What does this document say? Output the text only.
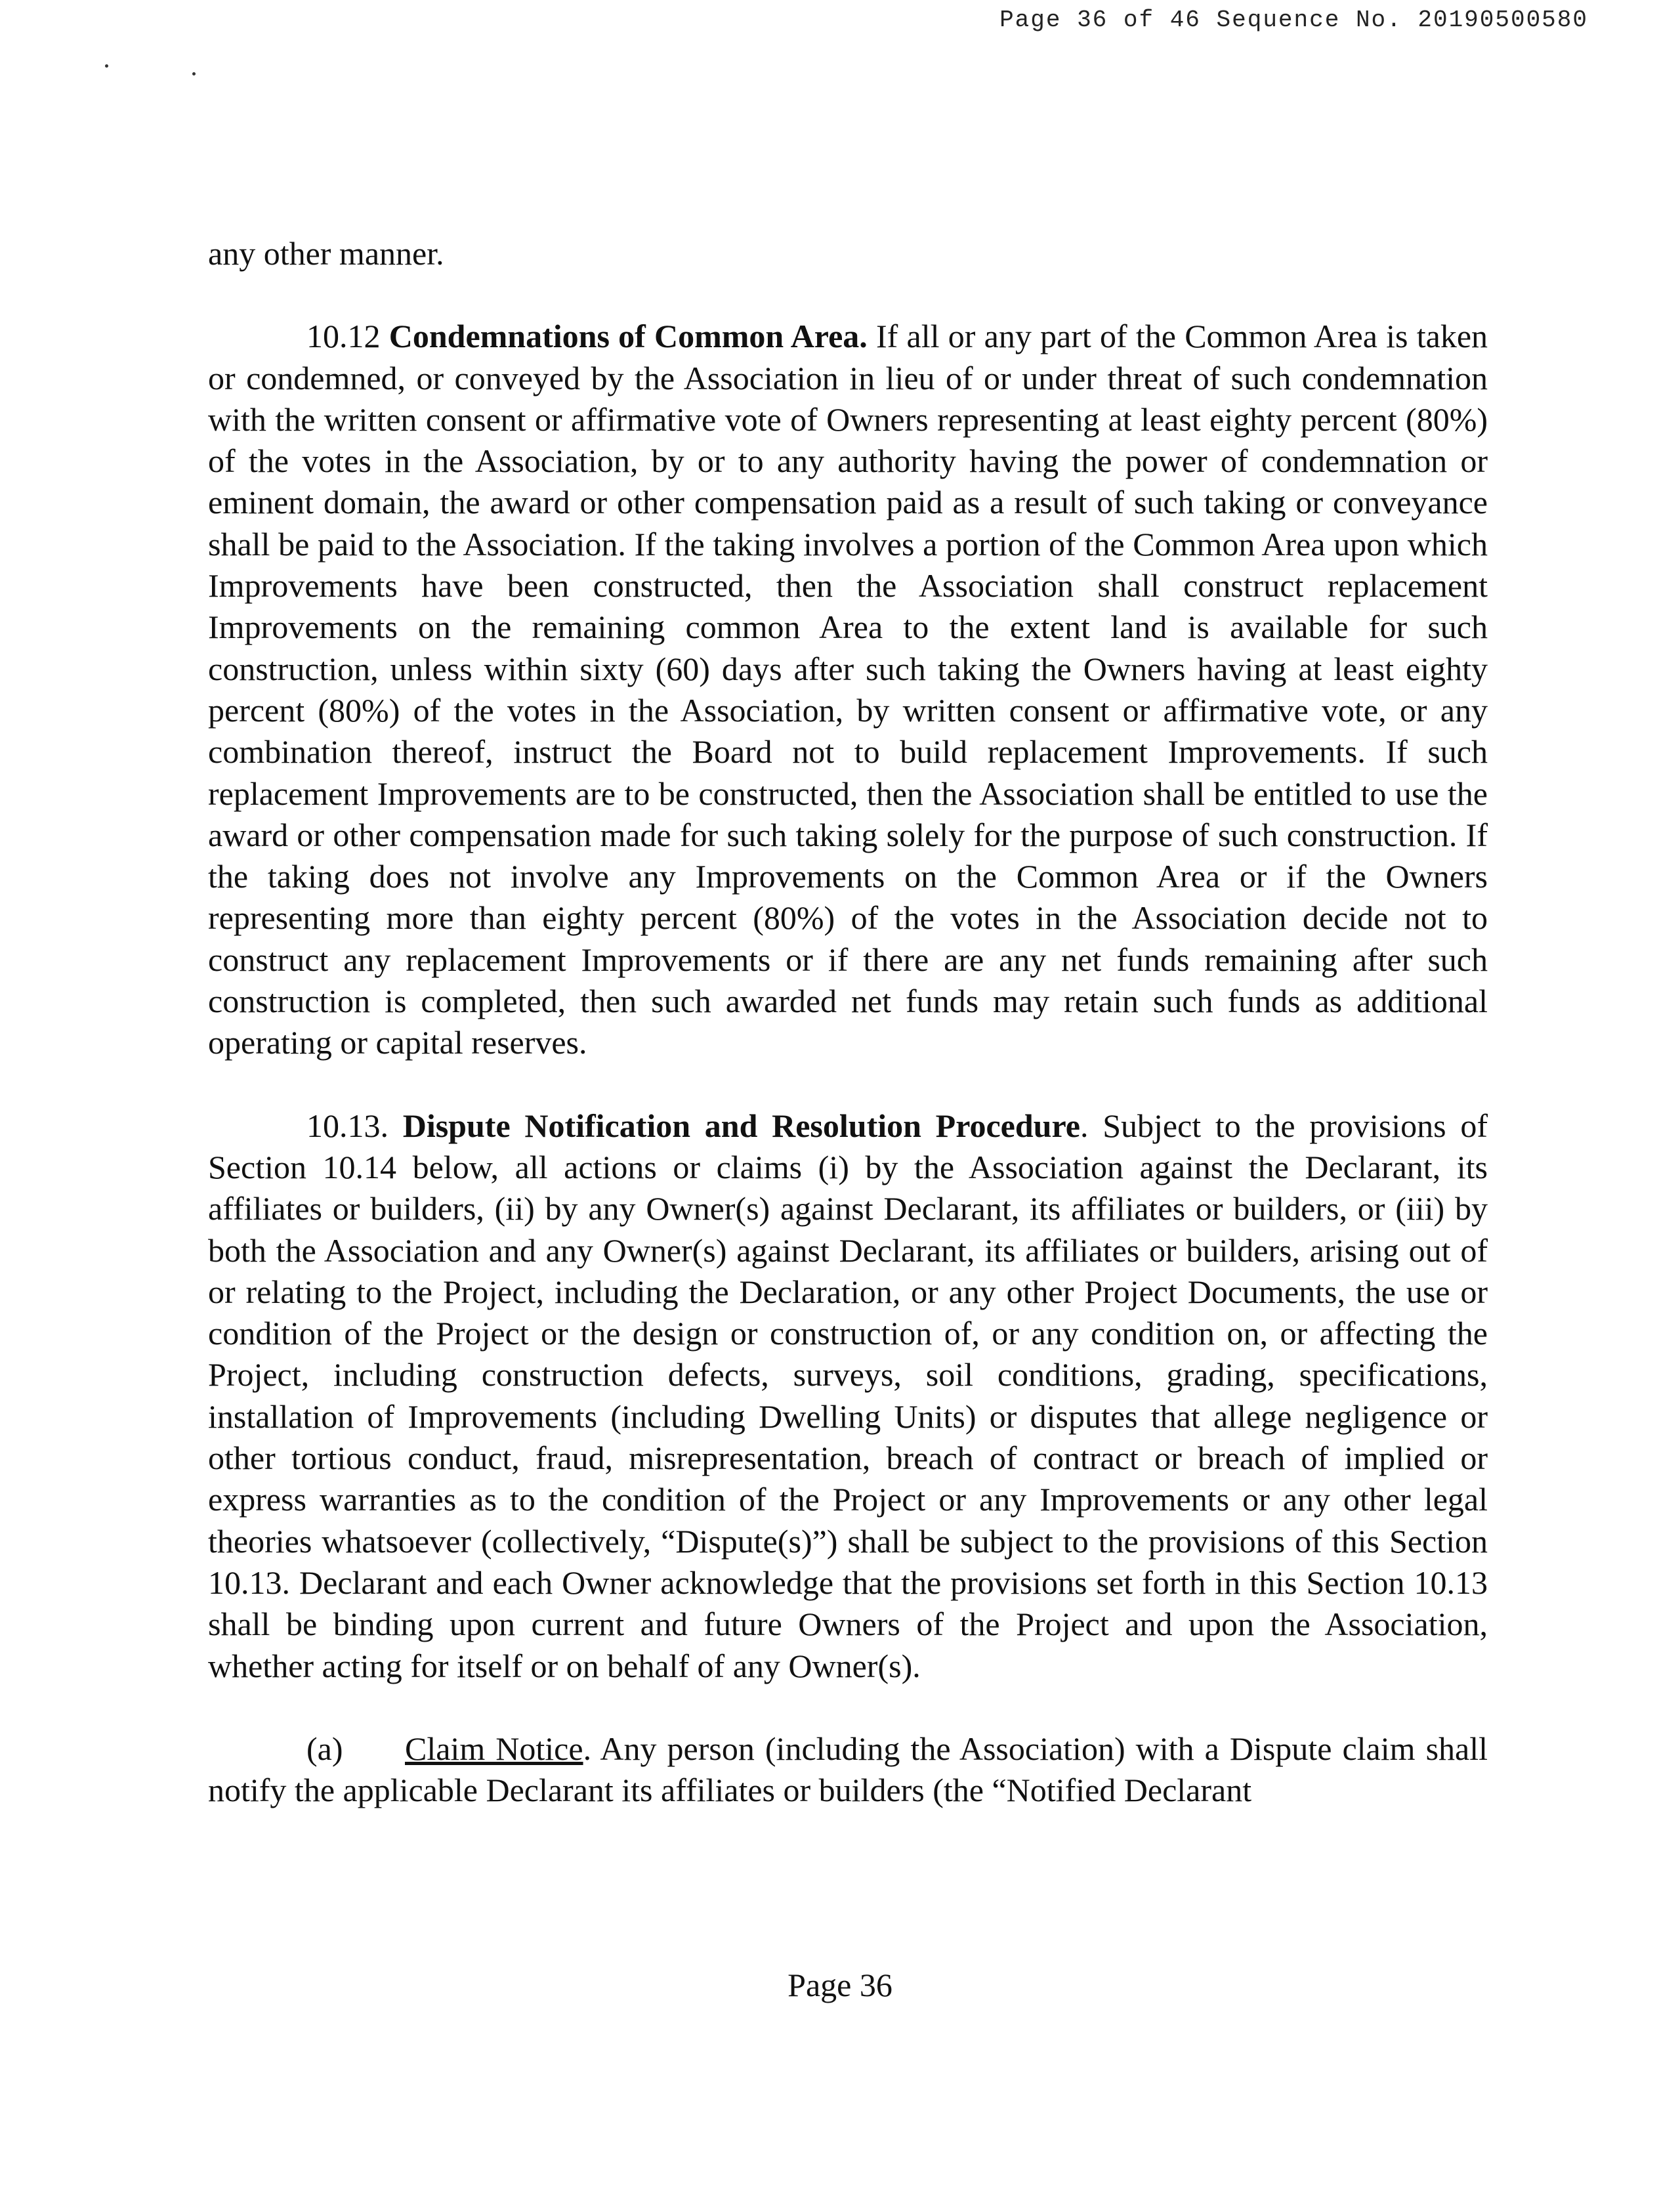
Page 36 of 46 Sequence No. 20190500580

any other manner.

10.12 Condemnations of Common Area. If all or any part of the Common Area is taken or condemned, or conveyed by the Association in lieu of or under threat of such condemnation with the written consent or affirmative vote of Owners representing at least eighty percent (80%) of the votes in the Association, by or to any authority having the power of condemnation or eminent domain, the award or other compensation paid as a result of such taking or conveyance shall be paid to the Association. If the taking involves a portion of the Common Area upon which Improvements have been constructed, then the Association shall construct replacement Improvements on the remaining common Area to the extent land is available for such construction, unless within sixty (60) days after such taking the Owners having at least eighty percent (80%) of the votes in the Association, by written consent or affirmative vote, or any combination thereof, instruct the Board not to build replacement Improvements. If such replacement Improvements are to be constructed, then the Association shall be entitled to use the award or other compensation made for such taking solely for the purpose of such construction. If the taking does not involve any Improvements on the Common Area or if the Owners representing more than eighty percent (80%) of the votes in the Association decide not to construct any replacement Improvements or if there are any net funds remaining after such construction is completed, then such awarded net funds may retain such funds as additional operating or capital reserves.

10.13. Dispute Notification and Resolution Procedure. Subject to the provisions of Section 10.14 below, all actions or claims (i) by the Association against the Declarant, its affiliates or builders, (ii) by any Owner(s) against Declarant, its affiliates or builders, or (iii) by both the Association and any Owner(s) against Declarant, its affiliates or builders, arising out of or relating to the Project, including the Declaration, or any other Project Documents, the use or condition of the Project or the design or construction of, or any condition on, or affecting the Project, including construction defects, surveys, soil conditions, grading, specifications, installation of Improvements (including Dwelling Units) or disputes that allege negligence or other tortious conduct, fraud, misrepresentation, breach of contract or breach of implied or express warranties as to the condition of the Project or any Improvements or any other legal theories whatsoever (collectively, “Dispute(s)”) shall be subject to the provisions of this Section 10.13. Declarant and each Owner acknowledge that the provisions set forth in this Section 10.13 shall be binding upon current and future Owners of the Project and upon the Association, whether acting for itself or on behalf of any Owner(s).

(a) Claim Notice. Any person (including the Association) with a Dispute claim shall notify the applicable Declarant its affiliates or builders (the “Notified Declarant

Page 36
